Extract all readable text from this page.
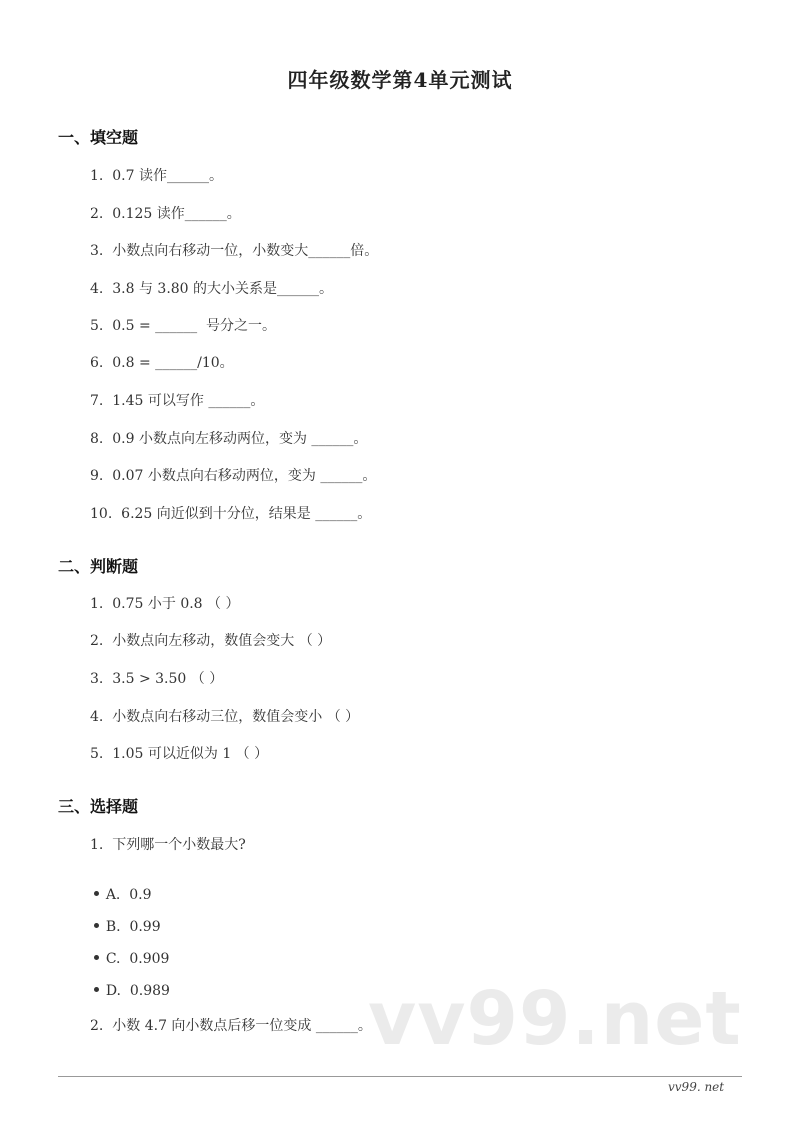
四年级数学第4单元测试
一、填空题
1.  0.7 读作______。
2.  0.125 读作______。
3.  小数点向右移动一位，小数变大______倍。
4.  3.8 与 3.80 的大小关系是______。
5.  0.5 = ______  号分之一。
6.  0.8 = ______/10。
7.  1.45 可以写作 ______。
8.  0.9 小数点向左移动两位，变为 ______。
9.  0.07 小数点向右移动两位，变为 ______。
10.  6.25 向近似到十分位，结果是 ______。
二、判断题
1.  0.75 小于 0.8 （ ）
2.  小数点向左移动，数值会变大 （ ）
3.  3.5 > 3.50 （ ）
4.  小数点向右移动三位，数值会变小 （ ）
5.  1.05 可以近似为 1 （ ）
三、选择题
1.  下列哪一个小数最大?

A.  0.9

B.  0.99

C.  0.909

D.  0.989
	vv99.net
2.  小数 4.7 向小数点后移一位变成 ______。
vv99. net
